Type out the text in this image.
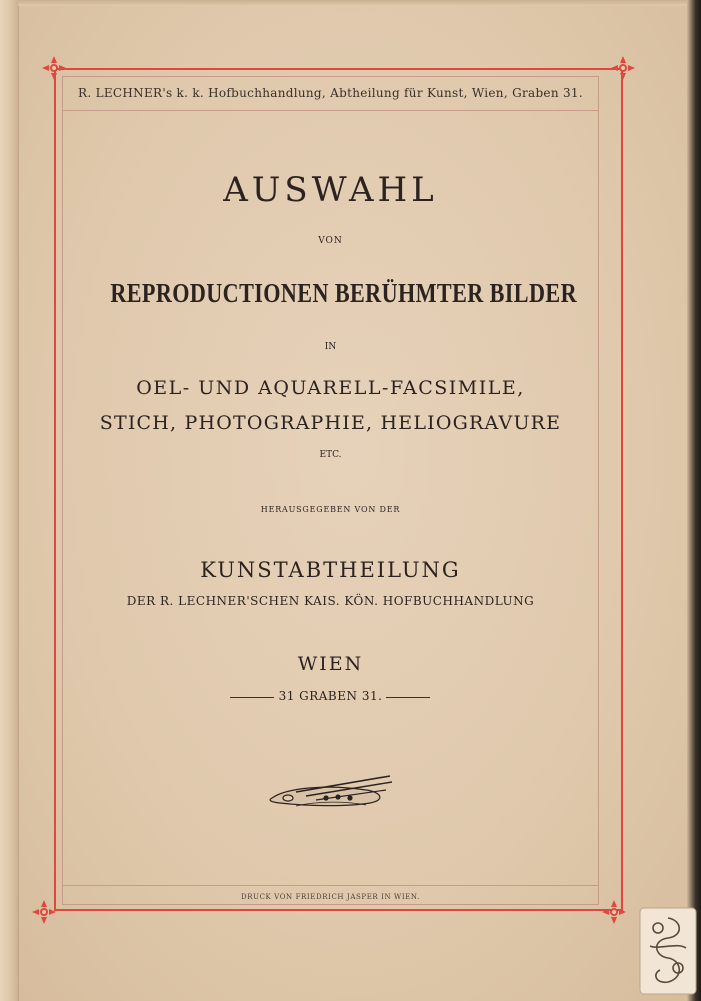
R. LECHNER's k. k. Hofbuchhandlung, Abtheilung für Kunst, Wien, Graben 31.

AUSWAHL

VON

REPRODUCTIONEN BERÜHMTER BILDER

IN

OEL- UND AQUARELL-FACSIMILE,

STICH, PHOTOGRAPHIE, HELIOGRAVURE

ETC.

HERAUSGEGEBEN VON DER

KUNSTABTHEILUNG

DER R. LECHNER'SCHEN KAIS. KÖN. HOFBUCHHANDLUNG

WIEN

31 GRABEN 31.

DRUCK VON FRIEDRICH JASPER IN WIEN.
